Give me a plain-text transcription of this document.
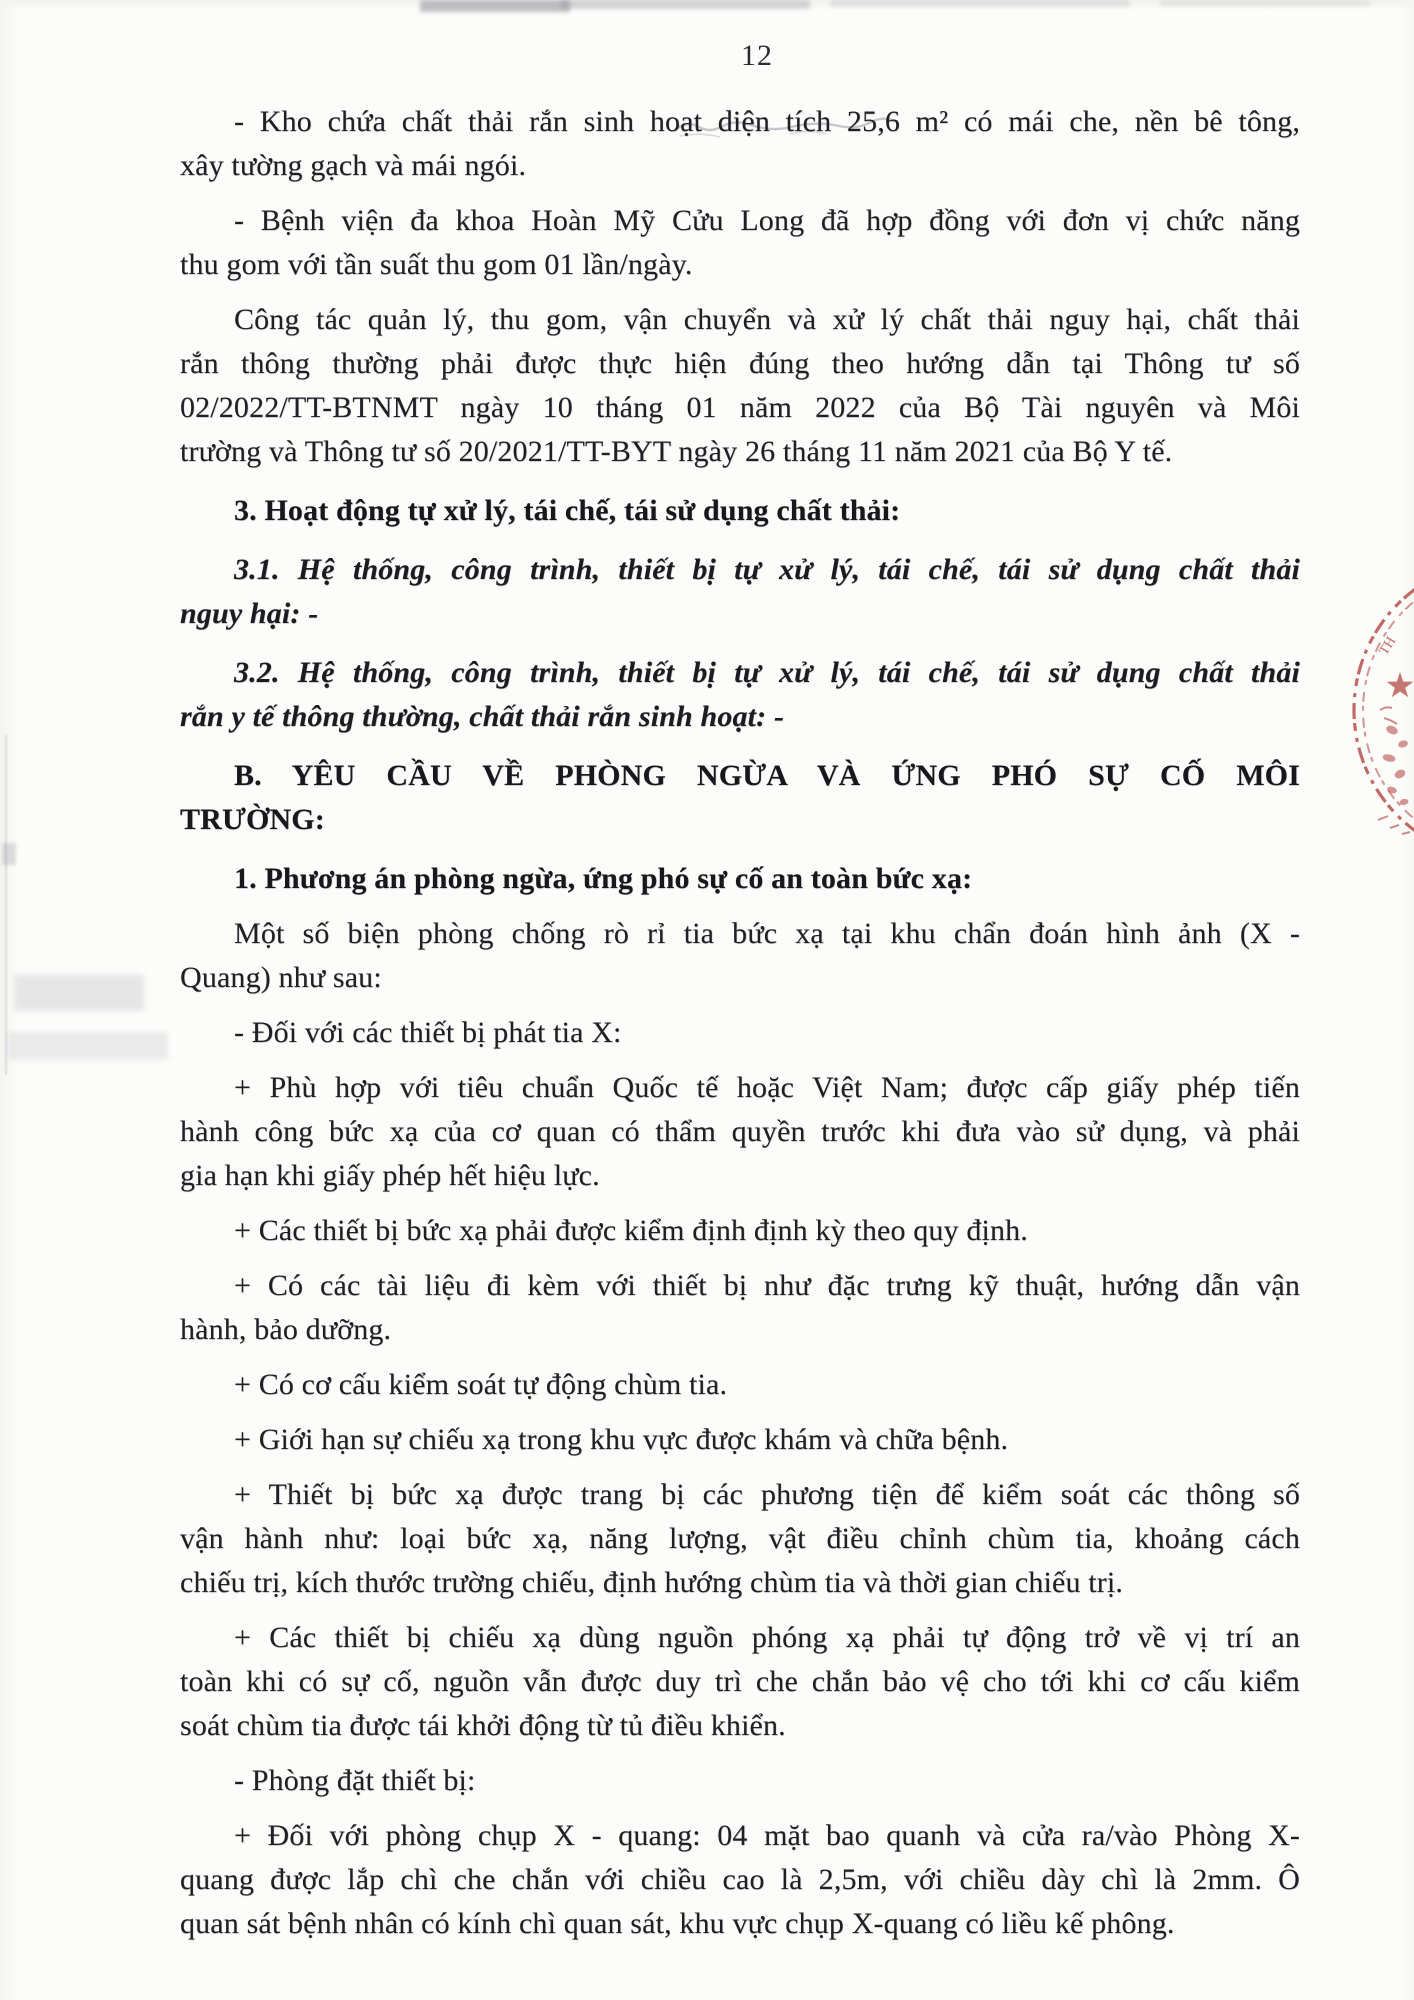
TH
12
- Kho chứa chất thải rắn sinh hoạt diện tích 25,6 m² có mái che, nền bê tông,
xây tường gạch và mái ngói.
- Bệnh viện đa khoa Hoàn Mỹ Cửu Long đã hợp đồng với đơn vị chức năng
thu gom với tần suất thu gom 01 lần/ngày.
Công tác quản lý, thu gom, vận chuyển và xử lý chất thải nguy hại, chất thải
rắn thông thường phải được thực hiện đúng theo hướng dẫn tại Thông tư số
02/2022/TT-BTNMT ngày 10 tháng 01 năm 2022 của Bộ Tài nguyên và Môi
trường và Thông tư số 20/2021/TT-BYT ngày 26 tháng 11 năm 2021 của Bộ Y tế.
3. Hoạt động tự xử lý, tái chế, tái sử dụng chất thải:
3.1. Hệ thống, công trình, thiết bị tự xử lý, tái chế, tái sử dụng chất thải
nguy hại: -
3.2. Hệ thống, công trình, thiết bị tự xử lý, tái chế, tái sử dụng chất thải
rắn y tế thông thường, chất thải rắn sinh hoạt: -
B. YÊU CẦU VỀ PHÒNG NGỪA VÀ ỨNG PHÓ SỰ CỐ MÔI
TRƯỜNG:
1. Phương án phòng ngừa, ứng phó sự cố an toàn bức xạ:
Một số biện phòng chống rò rỉ tia bức xạ tại khu chẩn đoán hình ảnh (X -
Quang) như sau:
- Đối với các thiết bị phát tia X:
+ Phù hợp với tiêu chuẩn Quốc tế hoặc Việt Nam; được cấp giấy phép tiến
hành công bức xạ của cơ quan có thẩm quyền trước khi đưa vào sử dụng, và phải
gia hạn khi giấy phép hết hiệu lực.
+ Các thiết bị bức xạ phải được kiểm định định kỳ theo quy định.
+ Có các tài liệu đi kèm với thiết bị như đặc trưng kỹ thuật, hướng dẫn vận
hành, bảo dưỡng.
+ Có cơ cấu kiểm soát tự động chùm tia.
+ Giới hạn sự chiếu xạ trong khu vực được khám và chữa bệnh.
+ Thiết bị bức xạ được trang bị các phương tiện để kiểm soát các thông số
vận hành như: loại bức xạ, năng lượng, vật điều chỉnh chùm tia, khoảng cách
chiếu trị, kích thước trường chiếu, định hướng chùm tia và thời gian chiếu trị.
+ Các thiết bị chiếu xạ dùng nguồn phóng xạ phải tự động trở về vị trí an
toàn khi có sự cố, nguồn vẫn được duy trì che chắn bảo vệ cho tới khi cơ cấu kiểm
soát chùm tia được tái khởi động từ tủ điều khiển.
- Phòng đặt thiết bị:
+ Đối với phòng chụp X - quang: 04 mặt bao quanh và cửa ra/vào Phòng X-
quang được lắp chì che chắn với chiều cao là 2,5m, với chiều dày chì là 2mm. Ô
quan sát bệnh nhân có kính chì quan sát, khu vực chụp X-quang có liều kế phông.
